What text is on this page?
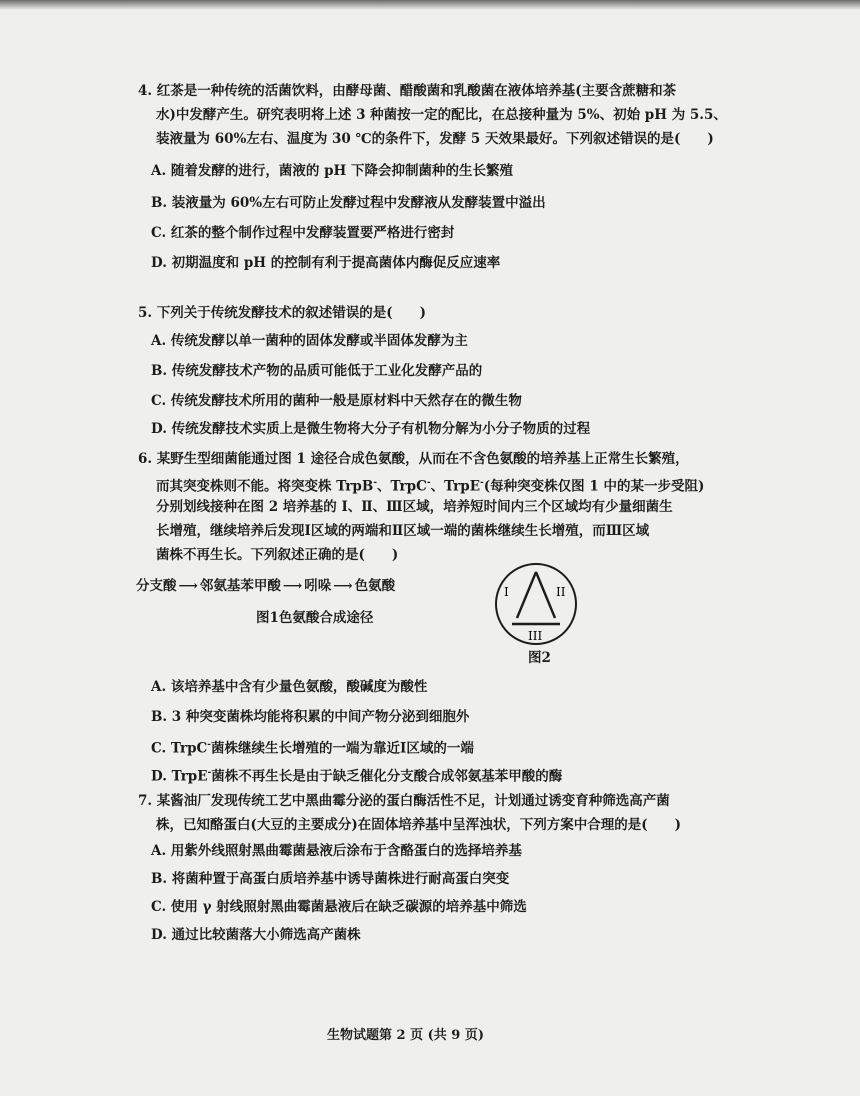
4. 红茶是一种传统的活菌饮料，由酵母菌、醋酸菌和乳酸菌在液体培养基(主要含蔗糖和茶
水)中发酵产生。研究表明将上述 3 种菌按一定的配比，在总接种量为 5%、初始 pH 为 5.5、
装液量为 60%左右、温度为 30 ℃的条件下，发酵 5 天效果最好。下列叙述错误的是(　　)
A. 随着发酵的进行，菌液的 pH 下降会抑制菌种的生长繁殖
B. 装液量为 60%左右可防止发酵过程中发酵液从发酵装置中溢出
C. 红茶的整个制作过程中发酵装置要严格进行密封
D. 初期温度和 pH 的控制有利于提高菌体内酶促反应速率
5. 下列关于传统发酵技术的叙述错误的是(　　)
A. 传统发酵以单一菌种的固体发酵或半固体发酵为主
B. 传统发酵技术产物的品质可能低于工业化发酵产品的
C. 传统发酵技术所用的菌种一般是原材料中天然存在的微生物
D. 传统发酵技术实质上是微生物将大分子有机物分解为小分子物质的过程
6. 某野生型细菌能通过图 1 途径合成色氨酸，从而在不含色氨酸的培养基上正常生长繁殖，
而其突变株则不能。将突变株 TrpB-、TrpC-、TrpE-(每种突变株仅图 1 中的某一步受阻)
分别划线接种在图 2 培养基的 Ⅰ、Ⅱ、Ⅲ区域，培养短时间内三个区域均有少量细菌生
长增殖，继续培养后发现Ⅰ区域的两端和Ⅱ区域一端的菌株继续生长增殖，而Ⅲ区域
菌株不再生长。下列叙述正确的是(　　)
分支酸 ⟶ 邻氨基苯甲酸 ⟶ 吲哚 ⟶ 色氨酸
图1色氨酸合成途径
I	II
III
图2
A. 该培养基中含有少量色氨酸，酸碱度为酸性
B. 3 种突变菌株均能将积累的中间产物分泌到细胞外
C. TrpC-菌株继续生长增殖的一端为靠近Ⅰ区域的一端
D. TrpE-菌株不再生长是由于缺乏催化分支酸合成邻氨基苯甲酸的酶
7. 某酱油厂发现传统工艺中黑曲霉分泌的蛋白酶活性不足，计划通过诱变育种筛选高产菌
株，已知酪蛋白(大豆的主要成分)在固体培养基中呈浑浊状，下列方案中合理的是(　　)
A. 用紫外线照射黑曲霉菌悬液后涂布于含酪蛋白的选择培养基
B. 将菌种置于高蛋白质培养基中诱导菌株进行耐高蛋白突变
C. 使用 γ 射线照射黑曲霉菌悬液后在缺乏碳源的培养基中筛选
D. 通过比较菌落大小筛选高产菌株
生物试题第 2 页 (共 9 页)
